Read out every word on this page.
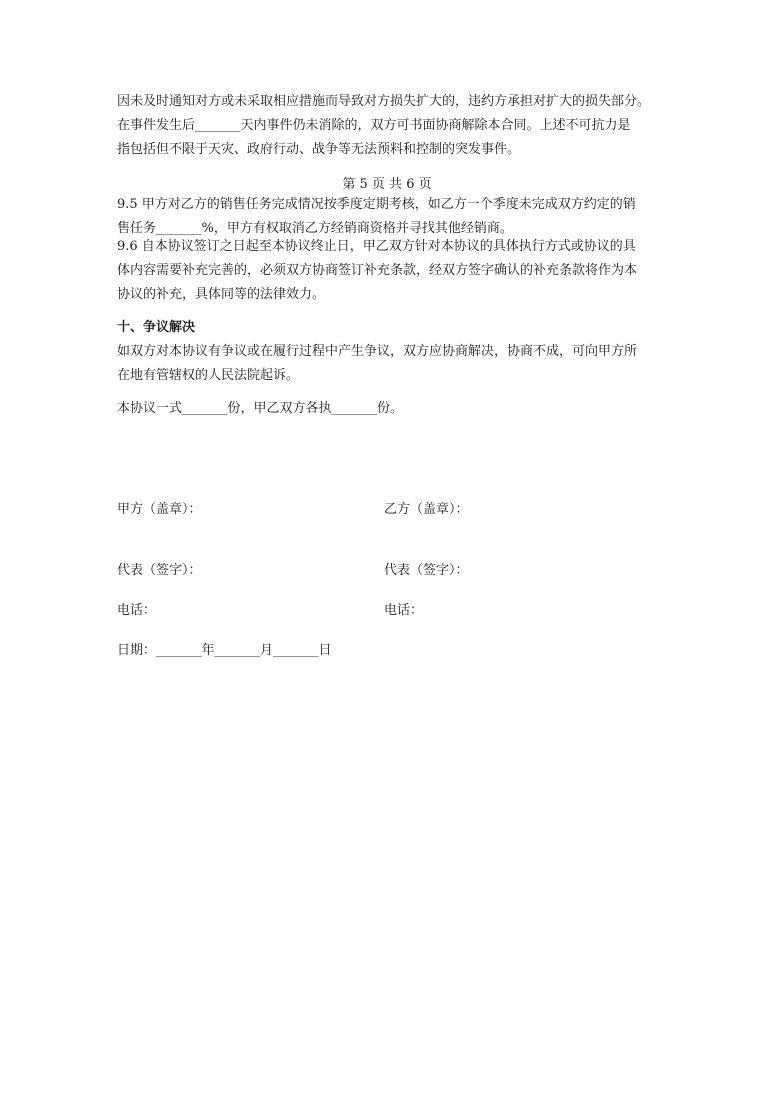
因未及时通知对方或未采取相应措施而导致对方损失扩大的，违约方承担对扩大的损失部分。
在事件发生后_______天内事件仍未消除的，双方可书面协商解除本合同。上述不可抗力是
指包括但不限于天灾、政府行动、战争等无法预料和控制的突发事件。
第 5 页 共 6 页
9.5 甲方对乙方的销售任务完成情况按季度定期考核，如乙方一个季度未完成双方约定的销
售任务_______%，甲方有权取消乙方经销商资格并寻找其他经销商。
9.6 自本协议签订之日起至本协议终止日，甲乙双方针对本协议的具体执行方式或协议的具
体内容需要补充完善的，必须双方协商签订补充条款，经双方签字确认的补充条款将作为本
协议的补充，具体同等的法律效力。
十、争议解决
如双方对本协议有争议或在履行过程中产生争议，双方应协商解决，协商不成，可向甲方所
在地有管辖权的人民法院起诉。
本协议一式_______份，甲乙双方各执_______份。
甲方（盖章）：	乙方（盖章）：
代表（签字）：	代表（签字）：
电话：	电话：
日期：_______年_______月_______日
